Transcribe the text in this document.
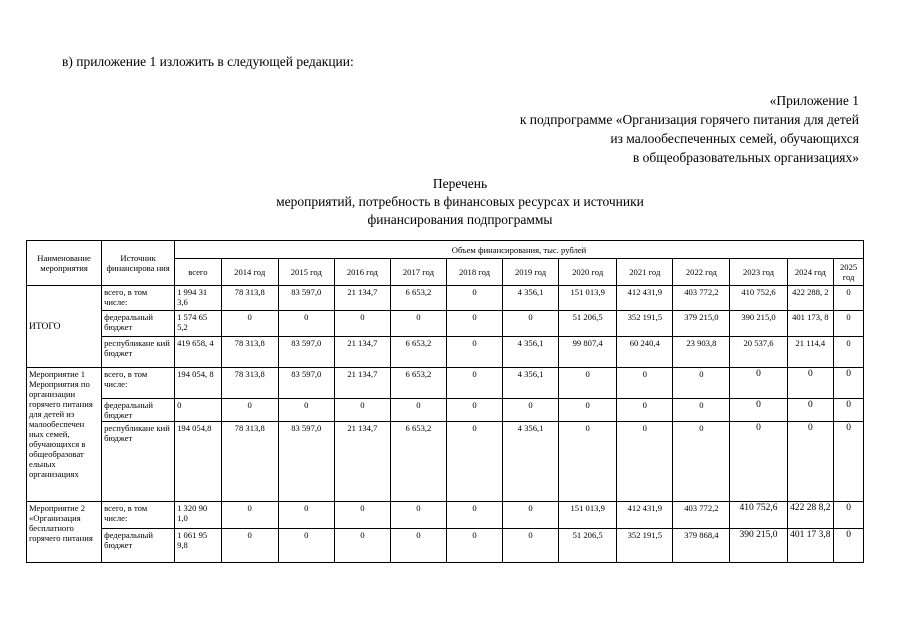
в) приложение 1 изложить в следующей редакции:
«Приложение 1
к подпрограмме «Организация горячего питания для детей
из малообеспеченных семей, обучающихся
в общеобразовательных организациях»
Перечень
мероприятий, потребность в финансовых ресурсах и источники
финансирования подпрограммы
Наименование мероприятия	Источник финансирова ния	Объем финансирования, тыс. рублей												
		всего	2014 год	2015 год	2016 год	2017 год	2018 год	2019 год	2020 год	2021 год	2022 год	2023 год	2024 год	2025 год
ИТОГО	всего, в том числе:	1 994 31 3,6	78 313,8	83 597,0	21 134,7	6 653,2	0	4 356,1	151 013,9	412 431,9	403 772,2	410 752,6	422 288, 2	0
	федеральный бюджет	1 574 65 5,2	0	0	0	0	0	0	51 206,5	352 191,5	379 215,0	390 215,0	401 173, 8	0
	республикане кий бюджет	419 658, 4	78 313,8	83 597,0	21 134,7	6 653,2	0	4 356,1	99 807,4	60 240,4	23 903,8	20 537,6	21 114,4	0
Мероприятие 1 Мероприятия по организации горячего питания для детей из малообеспечен ных семей, обучающихся в общеобразоват ельных организациях	всего, в том числе:	194 054, 8	78 313,8	83 597,0	21 134,7	6 653,2	0	4 356,1	0	0	0	0	0	0
	федеральный бюджет	0	0	0	0	0	0	0	0	0	0	0	0	0
	республикане кий бюджет	194 054,8	78 313,8	83 597,0	21 134,7	6 653,2	0	4 356,1	0	0	0	0	0	0
Мероприятие 2 «Организация бесплатного горячего питания	всего, в том числе:	1 320 90 1,0	0	0	0	0	0	0	151 013,9	412 431,9	403 772,2	410 752,6	422 28 8,2	0
	федеральный бюджет	1 061 95 9,8	0	0	0	0	0	0	51 206,5	352 191,5	379 868,4	390 215,0	401 17 3,8	0
